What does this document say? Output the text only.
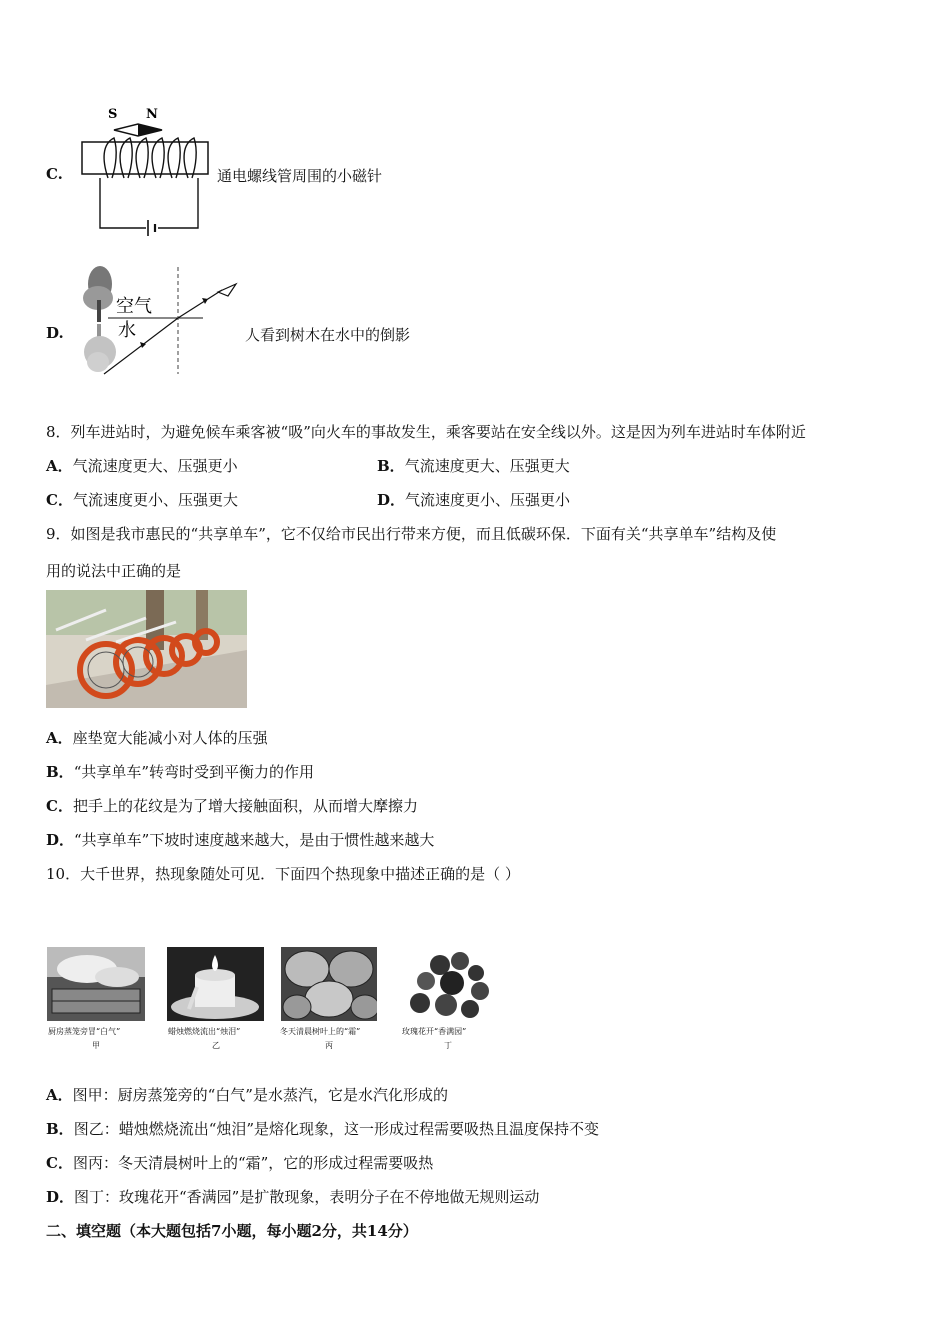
C.
S N
通电螺线管周围的小磁针
D.
空气
水	人看到树木在水中的倒影
8．列车进站时，为避免候车乘客被“吸”向火车的事故发生，乘客要站在安全线以外。这是因为列车进站时车体附近
A．气流速度更大、压强更小	B．气流速度更大、压强更大
C．气流速度更小、压强更大	D．气流速度更小、压强更小
9．如图是我市惠民的“共享单车”，它不仅给市民出行带来方便，而且低碳环保．下面有关“共享单车”结构及使
用的说法中正确的是
A．座垫宽大能减小对人体的压强
B．“共享单车”转弯时受到平衡力的作用
C．把手上的花纹是为了增大接触面积，从而增大摩擦力
D．“共享单车”下坡时速度越来越大，是由于惯性越来越大
10．大千世界，热现象随处可见．下面四个热现象中描述正确的是（ ）
厨房蒸笼旁冒“白气”
甲
蜡烛燃烧流出“烛泪”
乙
冬天清晨树叶上的“霜”
丙
玫瑰花开“香满园”
丁
A．图甲：厨房蒸笼旁的“白气”是水蒸汽，它是水汽化形成的
B．图乙：蜡烛燃烧流出“烛泪”是熔化现象，这一形成过程需要吸热且温度保持不变
C．图丙：冬天清晨树叶上的“霜”，它的形成过程需要吸热
D．图丁：玫瑰花开“香满园”是扩散现象，表明分子在不停地做无规则运动
二、填空题（本大题包括7小题，每小题2分，共14分）
